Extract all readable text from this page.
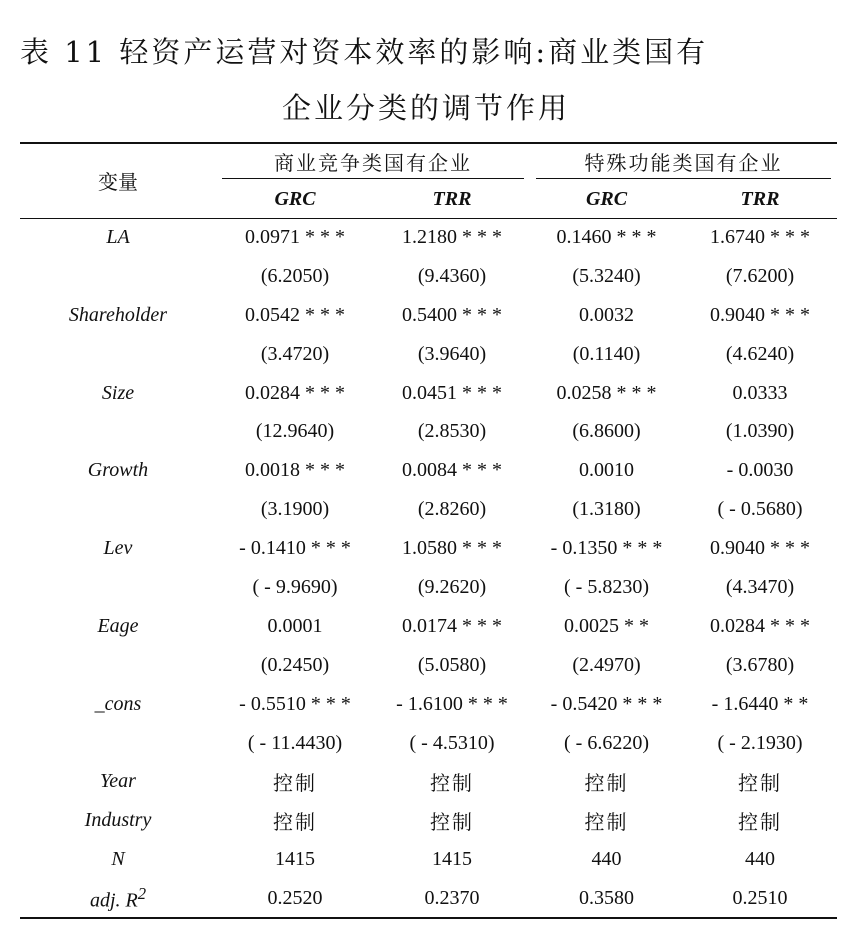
表 11 轻资产运营对资本效率的影响:商业类国有
企业分类的调节作用
变量	商业竞争类国有企业		特殊功能类国有企业	

	GRC	TRR	GRC	TRR
LA	0.0971 * * *	1.2180 * * *	0.1460 * * *	1.6740 * * *
	(6.2050)	(9.4360)	(5.3240)	(7.6200)
Shareholder	0.0542 * * *	0.5400 * * *	0.0032	0.9040 * * *
	(3.4720)	(3.9640)	(0.1140)	(4.6240)
Size	0.0284 * * *	0.0451 * * *	0.0258 * * *	0.0333
	(12.9640)	(2.8530)	(6.8600)	(1.0390)
Growth	0.0018 * * *	0.0084 * * *	0.0010	- 0.0030
	(3.1900)	(2.8260)	(1.3180)	( - 0.5680)
Lev	- 0.1410 * * *	1.0580 * * *	- 0.1350 * * *	0.9040 * * *
	( - 9.9690)	(9.2620)	( - 5.8230)	(4.3470)
Eage	0.0001	0.0174 * * *	0.0025 * *	0.0284 * * *
	(0.2450)	(5.0580)	(2.4970)	(3.6780)
_cons	- 0.5510 * * *	- 1.6100 * * *	- 0.5420 * * *	- 1.6440 * *
	( - 11.4430)	( - 4.5310)	( - 6.6220)	( - 2.1930)
Year	控制	控制	控制	控制
Industry	控制	控制	控制	控制
N	1415	1415	440	440
adj. $R^2$	0.2520	0.2370	0.3580	0.2510
